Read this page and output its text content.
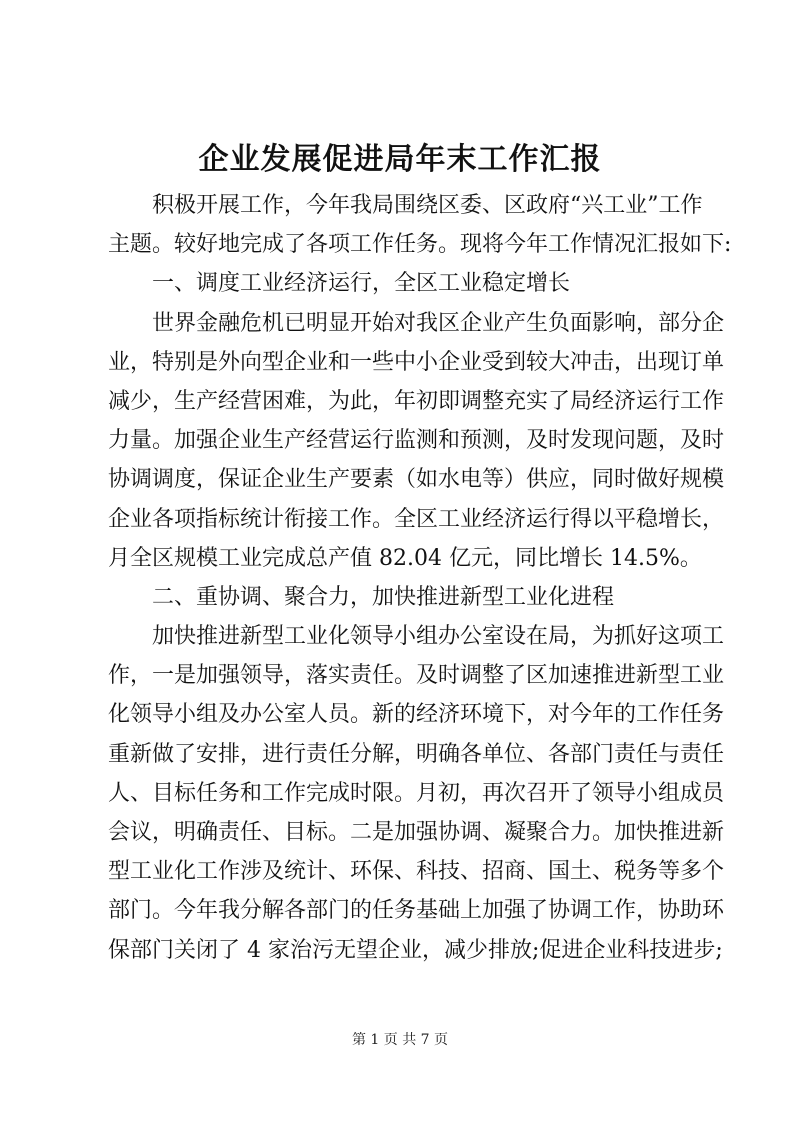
企业发展促进局年末工作汇报
积极开展工作，今年我局围绕区委、区政府“兴工业”工作
主题。较好地完成了各项工作任务。现将今年工作情况汇报如下:
一、调度工业经济运行，全区工业稳定增长
世界金融危机已明显开始对我区企业产生负面影响，部分企
业，特别是外向型企业和一些中小企业受到较大冲击，出现订单
减少，生产经营困难，为此，年初即调整充实了局经济运行工作
力量。加强企业生产经营运行监测和预测，及时发现问题，及时
协调调度，保证企业生产要素（如水电等）供应，同时做好规模
企业各项指标统计衔接工作。全区工业经济运行得以平稳增长，
月全区规模工业完成总产值 82.04 亿元，同比增长 14.5%。
二、重协调、聚合力，加快推进新型工业化进程
加快推进新型工业化领导小组办公室设在局，为抓好这项工
作，一是加强领导，落实责任。及时调整了区加速推进新型工业
化领导小组及办公室人员。新的经济环境下，对今年的工作任务
重新做了安排，进行责任分解，明确各单位、各部门责任与责任
人、目标任务和工作完成时限。月初，再次召开了领导小组成员
会议，明确责任、目标。二是加强协调、凝聚合力。加快推进新
型工业化工作涉及统计、环保、科技、招商、国土、税务等多个
部门。今年我分解各部门的任务基础上加强了协调工作，协助环
保部门关闭了 4 家治污无望企业，减少排放;促进企业科技进步;
第 1 页 共 7 页
